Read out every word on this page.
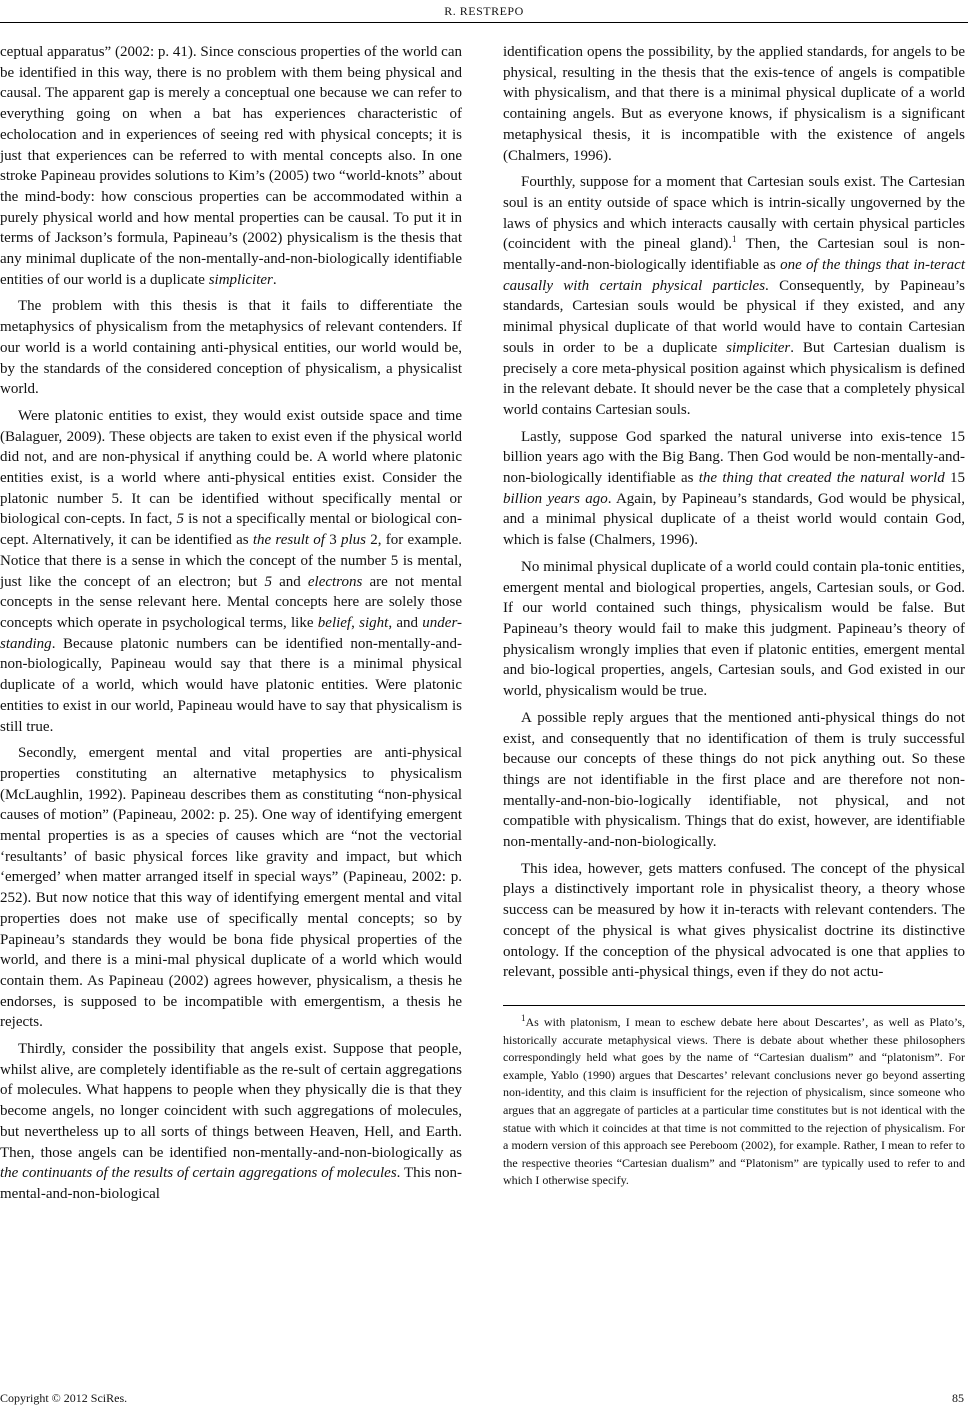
R. RESTREPO

ceptual apparatus” (2002: p. 41). Since conscious properties of the world can be identified in this way, there is no problem with them being physical and causal. The apparent gap is merely a conceptual one because we can refer to everything going on when a bat has experiences characteristic of echolocation and in experiences of seeing red with physical concepts; it is just that experiences can be referred to with mental concepts also. In one stroke Papineau provides solutions to Kim’s (2005) two “world-knots” about the mind-body: how conscious properties can be accommodated within a purely physical world and how mental properties can be causal. To put it in terms of Jackson’s formula, Papineau’s (2002) physicalism is the thesis that any minimal duplicate of the non-mentally-and-non-biologically identifiable entities of our world is a duplicate simpliciter.

The problem with this thesis is that it fails to differentiate the metaphysics of physicalism from the metaphysics of relevant contenders. If our world is a world containing anti-physical entities, our world would be, by the standards of the considered conception of physicalism, a physicalist world.

Were platonic entities to exist, they would exist outside space and time (Balaguer, 2009). These objects are taken to exist even if the physical world did not, and are non-physical if anything could be. A world where platonic entities exist, is a world where anti-physical entities exist. Consider the platonic number 5. It can be identified without specifically mental or biological con-cepts. In fact, 5 is not a specifically mental or biological con-cept. Alternatively, it can be identified as the result of 3 plus 2, for example. Notice that there is a sense in which the concept of the number 5 is mental, just like the concept of an electron; but 5 and electrons are not mental concepts in the sense relevant here. Mental concepts here are solely those concepts which operate in psychological terms, like belief, sight, and under-standing. Because platonic numbers can be identified non-mentally-and-non-biologically, Papineau would say that there is a minimal physical duplicate of a world, which would have platonic entities. Were platonic entities to exist in our world, Papineau would have to say that physicalism is still true.

Secondly, emergent mental and vital properties are anti-physical properties constituting an alternative metaphysics to physicalism (McLaughlin, 1992). Papineau describes them as constituting “non-physical causes of motion” (Papineau, 2002: p. 25). One way of identifying emergent mental properties is as a species of causes which are “not the vectorial ‘resultants’ of basic physical forces like gravity and impact, but which ‘emerged’ when matter arranged itself in special ways” (Papineau, 2002: p. 252). But now notice that this way of identifying emergent mental and vital properties does not make use of specifically mental concepts; so by Papineau’s standards they would be bona fide physical properties of the world, and there is a mini-mal physical duplicate of a world which would contain them. As Papineau (2002) agrees however, physicalism, a thesis he endorses, is supposed to be incompatible with emergentism, a thesis he rejects.

Thirdly, consider the possibility that angels exist. Suppose that people, whilst alive, are completely identifiable as the re-sult of certain aggregations of molecules. What happens to people when they physically die is that they become angels, no longer coincident with such aggregations of molecules, but nevertheless up to all sorts of things between Heaven, Hell, and Earth. Then, those angels can be identified non-mentally-and-non-biologically as the continuants of the results of certain aggregations of molecules. This non-mental-and-non-biological

identification opens the possibility, by the applied standards, for angels to be physical, resulting in the thesis that the exis-tence of angels is compatible with physicalism, and that there is a minimal physical duplicate of a world containing angels. But as everyone knows, if physicalism is a significant metaphysical thesis, it is incompatible with the existence of angels (Chalmers, 1996).

Fourthly, suppose for a moment that Cartesian souls exist. The Cartesian soul is an entity outside of space which is intrin-sically ungoverned by the laws of physics and which interacts causally with certain physical particles (coincident with the pineal gland).$^1$ Then, the Cartesian soul is non-mentally-and-non-biologically identifiable as one of the things that in-teract causally with certain physical particles. Consequently, by Papineau’s standards, Cartesian souls would be physical if they existed, and any minimal physical duplicate of that world would have to contain Cartesian souls in order to be a duplicate simpliciter. But Cartesian dualism is precisely a core meta-physical position against which physicalism is defined in the relevant debate. It should never be the case that a completely physical world contains Cartesian souls.

Lastly, suppose God sparked the natural universe into exis-tence 15 billion years ago with the Big Bang. Then God would be non-mentally-and-non-biologically identifiable as the thing that created the natural world 15 billion years ago. Again, by Papineau’s standards, God would be physical, and a minimal physical duplicate of a theist world would contain God, which is false (Chalmers, 1996).

No minimal physical duplicate of a world could contain pla-tonic entities, emergent mental and biological properties, angels, Cartesian souls, or God. If our world contained such things, physicalism would be false. But Papineau’s theory would fail to make this judgment. Papineau’s theory of physicalism wrongly implies that even if platonic entities, emergent mental and bio-logical properties, angels, Cartesian souls, and God existed in our world, physicalism would be true.

A possible reply argues that the mentioned anti-physical things do not exist, and consequently that no identification of them is truly successful because our concepts of these things do not pick anything out. So these things are not identifiable in the first place and are therefore not non-mentally-and-non-bio-logically identifiable, not physical, and not compatible with physicalism. Things that do exist, however, are identifiable non-mentally-and-non-biologically.

This idea, however, gets matters confused. The concept of the physical plays a distinctively important role in physicalist theory, a theory whose success can be measured by how it in-teracts with relevant contenders. The concept of the physical is what gives physicalist doctrine its distinctive ontology. If the conception of the physical advocated is one that applies to relevant, possible anti-physical things, even if they do not actu-

$^1$As with platonism, I mean to eschew debate here about Descartes’, as well as Plato’s, historically accurate metaphysical views. There is debate about whether these philosophers correspondingly held what goes by the name of “Cartesian dualism” and “platonism”. For example, Yablo (1990) argues that Descartes’ relevant conclusions never go beyond asserting non-identity, and this claim is insufficient for the rejection of physicalism, since someone who argues that an aggregate of particles at a particular time constitutes but is not identical with the statue with which it coincides at that time is not committed to the rejection of physicalism. For a modern version of this approach see Pereboom (2002), for example. Rather, I mean to refer to the respective theories “Cartesian dualism” and “Platonism” are typically used to refer to and which I otherwise specify.

Copyright © 2012 SciRes.	85
